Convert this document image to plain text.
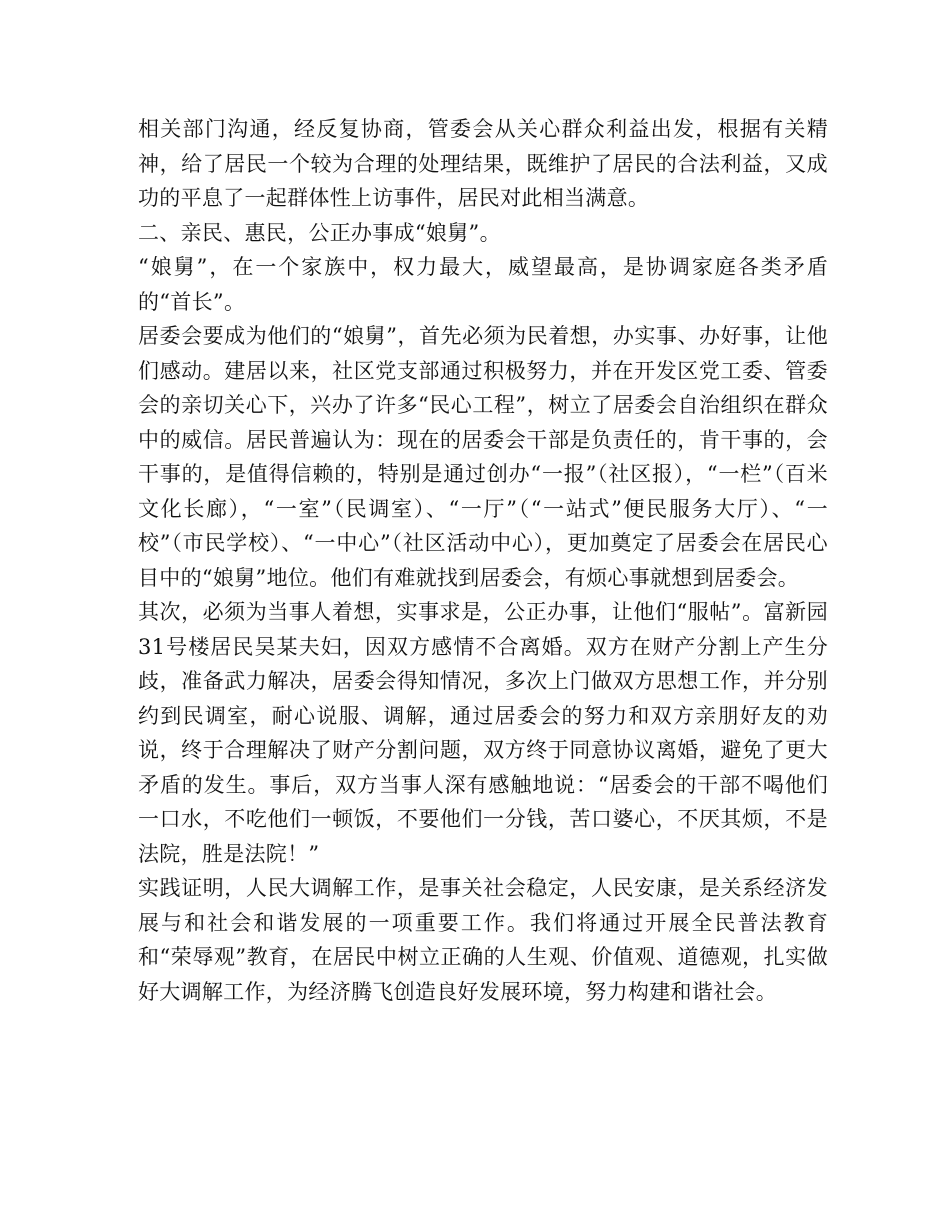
相关部门沟通，经反复协商，管委会从关心群众利益出发，根据有关精神，给了居民一个较为合理的处理结果，既维护了居民的合法利益，又成功的平息了一起群体性上访事件，居民对此相当满意。

二、亲民、惠民，公正办事成“娘舅”。

“娘舅”，在一个家族中，权力最大，威望最高，是协调家庭各类矛盾的“首长”。

居委会要成为他们的“娘舅”，首先必须为民着想，办实事、办好事，让他们感动。建居以来，社区党支部通过积极努力，并在开发区党工委、管委会的亲切关心下，兴办了许多“民心工程”，树立了居委会自治组织在群众中的威信。居民普遍认为：现在的居委会干部是负责任的，肯干事的，会干事的，是值得信赖的，特别是通过创办“一报”（社区报），“一栏”（百米文化长廊），“一室”（民调室）、“一厅”（“一站式”便民服务大厅）、“一校”（市民学校）、“一中心”（社区活动中心），更加奠定了居委会在居民心目中的“娘舅”地位。他们有难就找到居委会，有烦心事就想到居委会。

其次，必须为当事人着想，实事求是，公正办事，让他们“服帖”。富新园31号楼居民吴某夫妇，因双方感情不合离婚。双方在财产分割上产生分歧，准备武力解决，居委会得知情况，多次上门做双方思想工作，并分别约到民调室，耐心说服、调解，通过居委会的努力和双方亲朋好友的劝说，终于合理解决了财产分割问题，双方终于同意协议离婚，避免了更大矛盾的发生。事后，双方当事人深有感触地说：“居委会的干部不喝他们一口水，不吃他们一顿饭，不要他们一分钱，苦口婆心，不厌其烦，不是法院，胜是法院！”

实践证明，人民大调解工作，是事关社会稳定，人民安康，是关系经济发展与和社会和谐发展的一项重要工作。我们将通过开展全民普法教育和“荣辱观”教育，在居民中树立正确的人生观、价值观、道德观，扎实做好大调解工作，为经济腾飞创造良好发展环境，努力构建和谐社会。
